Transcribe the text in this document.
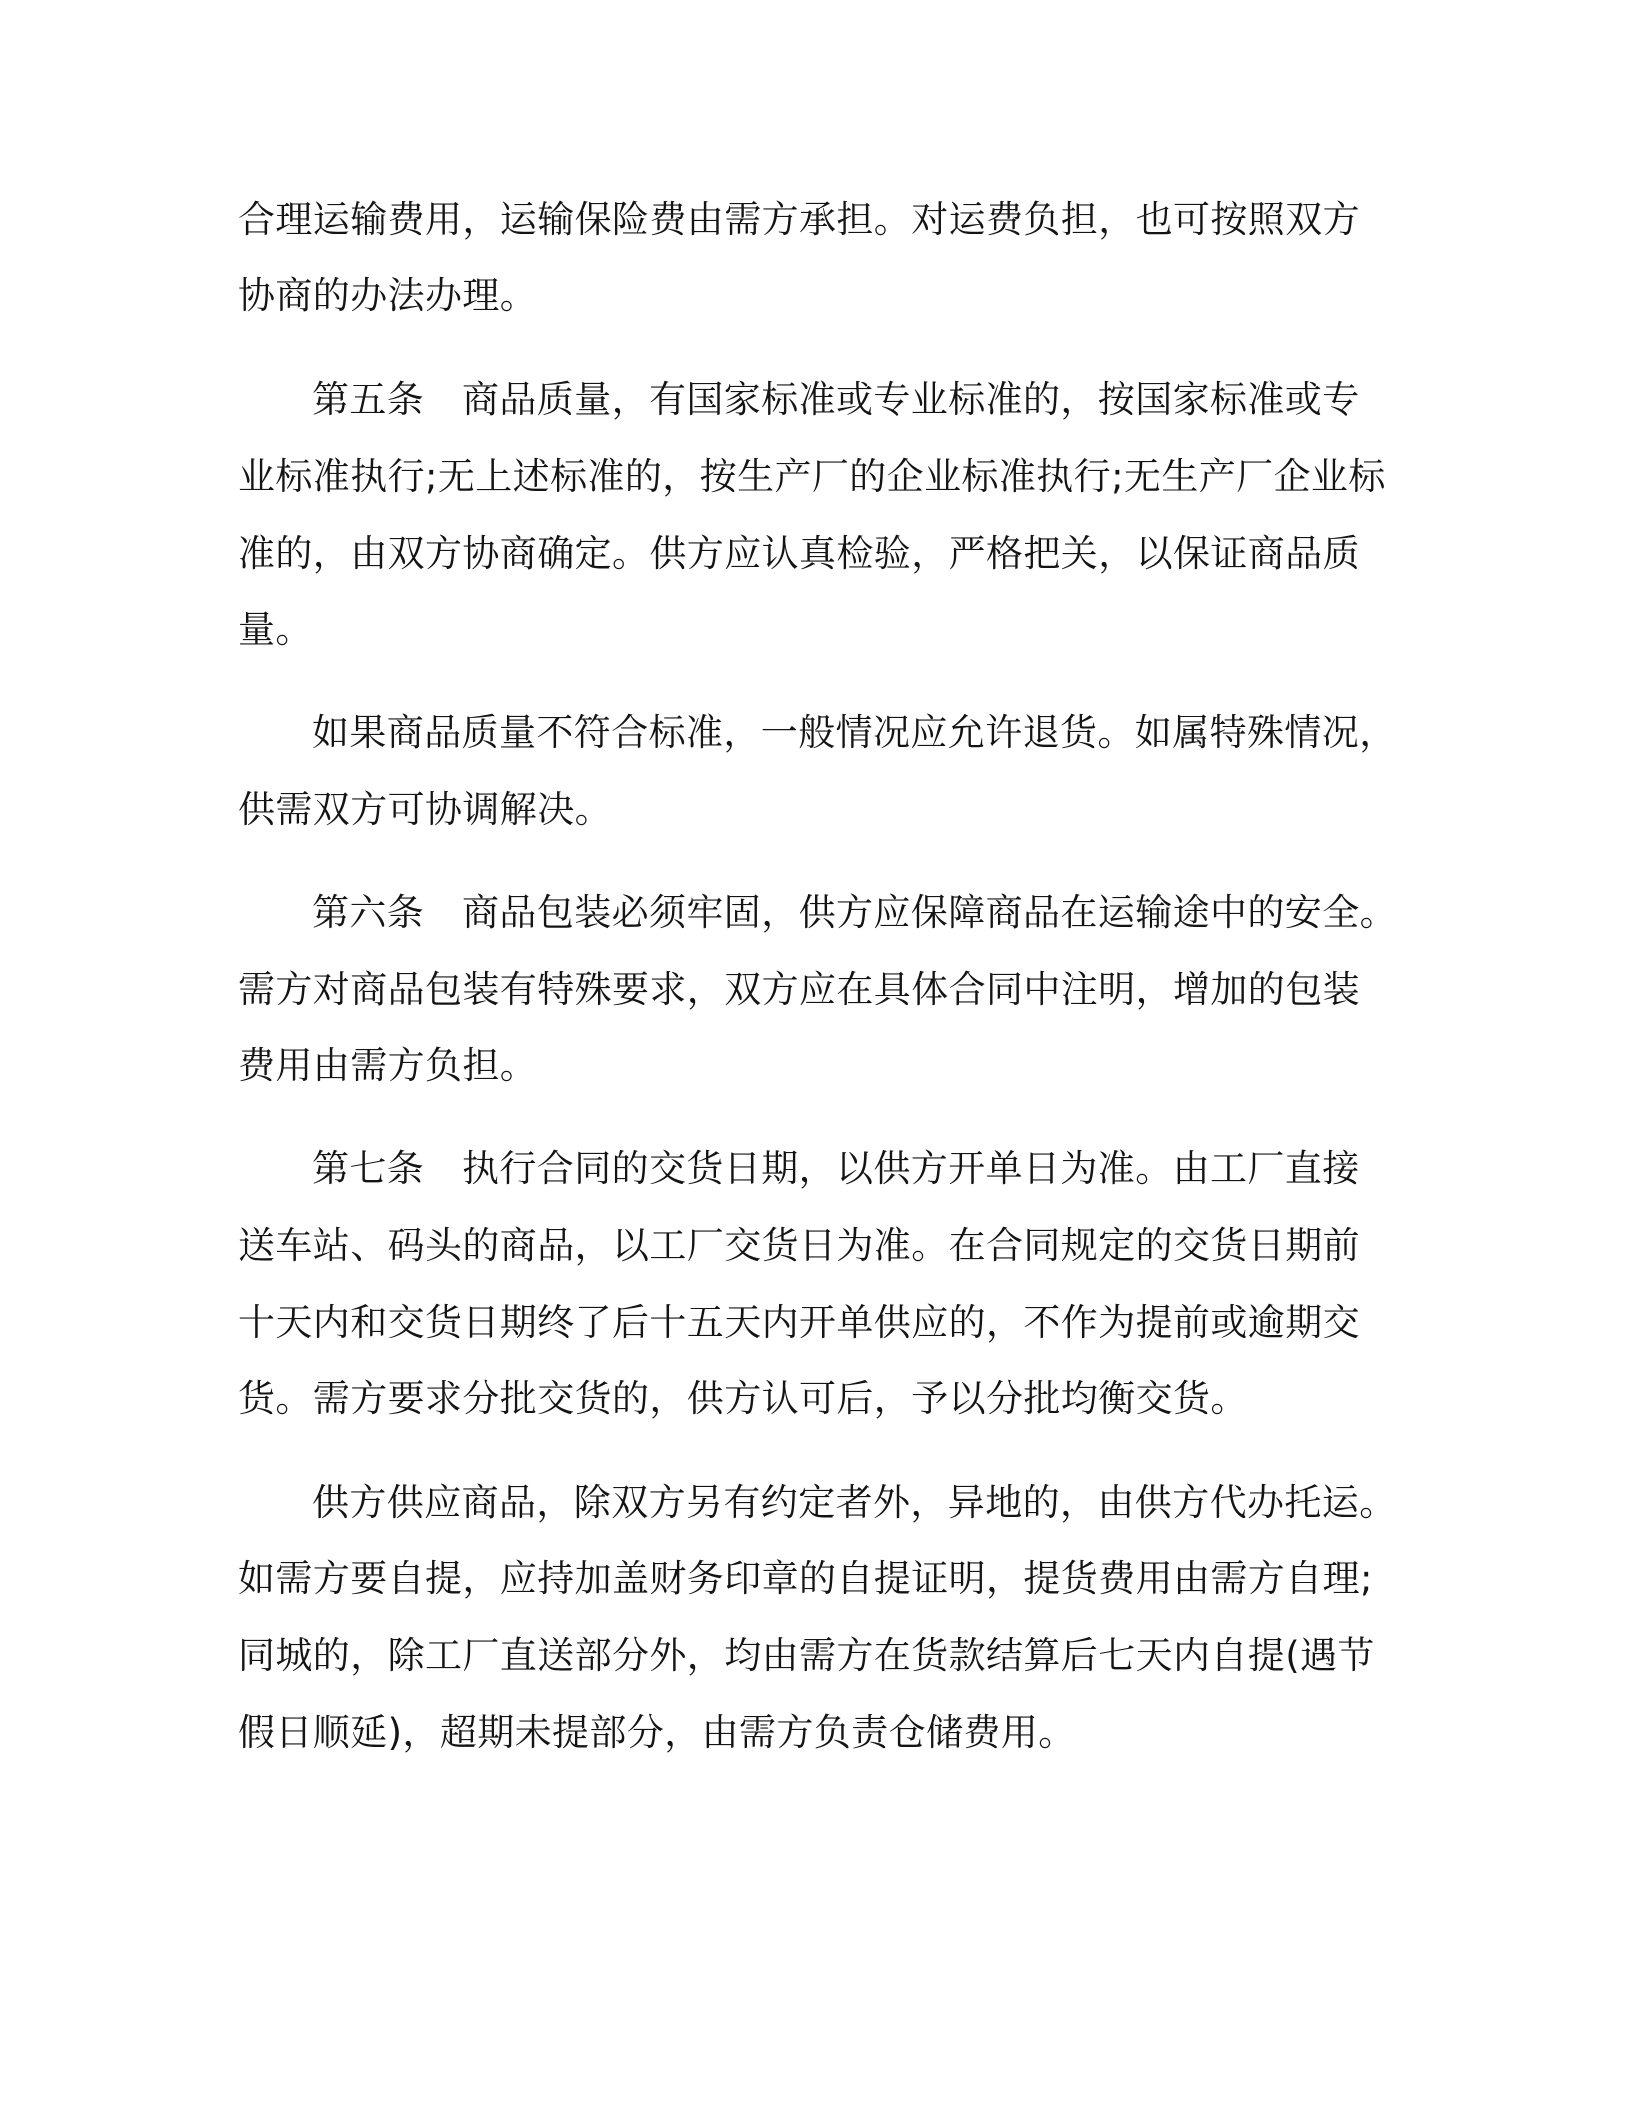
合理运输费用，运输保险费由需方承担。对运费负担，也可按照双方
协商的办法办理。
第五条 商品质量，有国家标准或专业标准的，按国家标准或专
业标准执行;无上述标准的，按生产厂的企业标准执行;无生产厂企业标
准的，由双方协商确定。供方应认真检验，严格把关，以保证商品质
量。
如果商品质量不符合标准，一般情况应允许退货。如属特殊情况，
供需双方可协调解决。
第六条 商品包装必须牢固，供方应保障商品在运输途中的安全。
需方对商品包装有特殊要求，双方应在具体合同中注明，增加的包装
费用由需方负担。
第七条 执行合同的交货日期，以供方开单日为准。由工厂直接
送车站、码头的商品，以工厂交货日为准。在合同规定的交货日期前
十天内和交货日期终了后十五天内开单供应的，不作为提前或逾期交
货。需方要求分批交货的，供方认可后，予以分批均衡交货。
供方供应商品，除双方另有约定者外，异地的，由供方代办托运。
如需方要自提，应持加盖财务印章的自提证明，提货费用由需方自理;
同城的，除工厂直送部分外，均由需方在货款结算后七天内自提(遇节
假日顺延)，超期未提部分，由需方负责仓储费用。
